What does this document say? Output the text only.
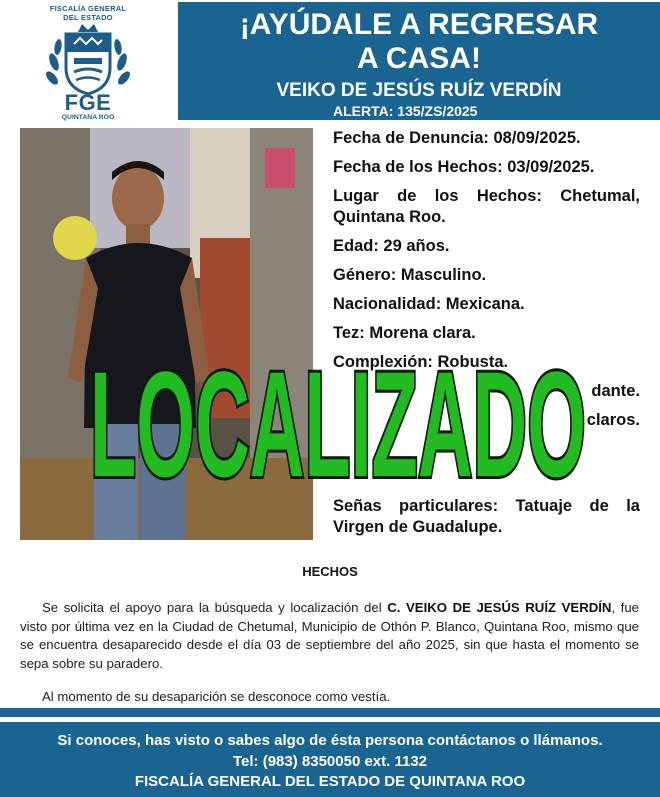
FISCALÍA GENERAL DEL ESTADO
FGE
QUINTANA ROO
¡AYÚDALE A REGRESAR
A CASA!
VEIKO DE JESÚS RUÍZ VERDÍN
ALERTA: 135/ZS/2025
Fecha de Denuncia: 08/09/2025.
Fecha de los Hechos: 03/09/2025.
Lugar de los Hechos: Chetumal,
Quintana Roo.
Edad: 29 años.
Género: Masculino.
Nacionalidad: Mexicana.
Tez: Morena clara.
Complexión: Robusta.
dante.
claros.
Señas particulares: Tatuaje de la
Virgen de Guadalupe.
LOCALIZADO
HECHOS
Se solicita el apoyo para la búsqueda y localización del C. VEIKO DE JESÚS RUÍZ VERDÍN, fue visto por última vez en la Ciudad de Chetumal, Municipio de Othón P. Blanco, Quintana Roo, mismo que se encuentra desaparecido desde el día 03 de septiembre del año 2025, sin que hasta el momento se sepa sobre su paradero.
Al momento de su desaparición se desconoce como vestía.
Si conoces, has visto o sabes algo de ésta persona contáctanos o llámanos.
Tel: (983) 8350050 ext. 1132
FISCALÍA GENERAL DEL ESTADO DE QUINTANA ROO
